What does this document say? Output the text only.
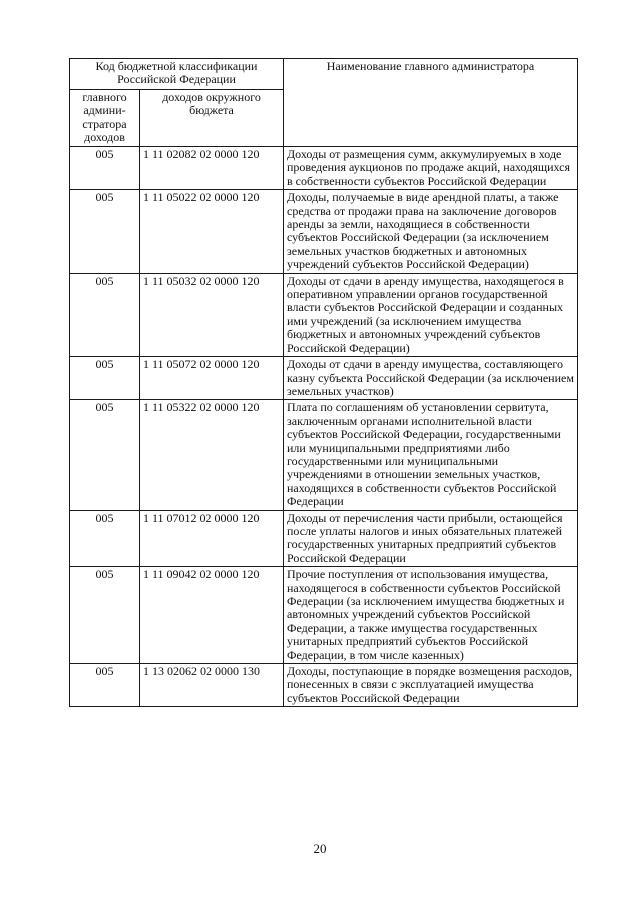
Код бюджетной классификации Российской Федерации		Наименование главного администратора
главного админи-стратора доходов	доходов окружного бюджета	
005	1 11 02082 02 0000 120	Доходы от размещения сумм, аккумулируемых в ходе проведения аукционов по продаже акций, находящихся в собственности субъектов Российской Федерации
005	1 11 05022 02 0000 120	Доходы, получаемые в виде арендной платы, а также средства от продажи права на заключение договоров аренды за земли, находящиеся в собственности субъектов Российской Федерации (за исключением земельных участков бюджетных и автономных учреждений субъектов Российской Федерации)
005	1 11 05032 02 0000 120	Доходы от сдачи в аренду имущества, находящегося в оперативном управлении органов государственной власти субъектов Российской Федерации и созданных ими учреждений (за исключением имущества бюджетных и автономных учреждений субъектов Российской Федерации)
005	1 11 05072 02 0000 120	Доходы от сдачи в аренду имущества, составляющего казну субъекта Российской Федерации (за исключением земельных участков)
005	1 11 05322 02 0000 120	Плата по соглашениям об установлении сервитута, заключенным органами исполнительной власти субъектов Российской Федерации, государственными или муниципальными предприятиями либо государственными или муниципальными учреждениями в отношении земельных участков, находящихся в собственности субъектов Российской Федерации
005	1 11 07012 02 0000 120	Доходы от перечисления части прибыли, остающейся после уплаты налогов и иных обязательных платежей государственных унитарных предприятий субъектов Российской Федерации
005	1 11 09042 02 0000 120	Прочие поступления от использования имущества, находящегося в собственности субъектов Российской Федерации (за исключением имущества бюджетных и автономных учреждений субъектов Российской Федерации, а также имущества государственных унитарных предприятий субъектов Российской Федерации, в том числе казенных)
005	1 13 02062 02 0000 130	Доходы, поступающие в порядке возмещения расходов, понесенных в связи с эксплуатацией имущества субъектов Российской Федерации
20
